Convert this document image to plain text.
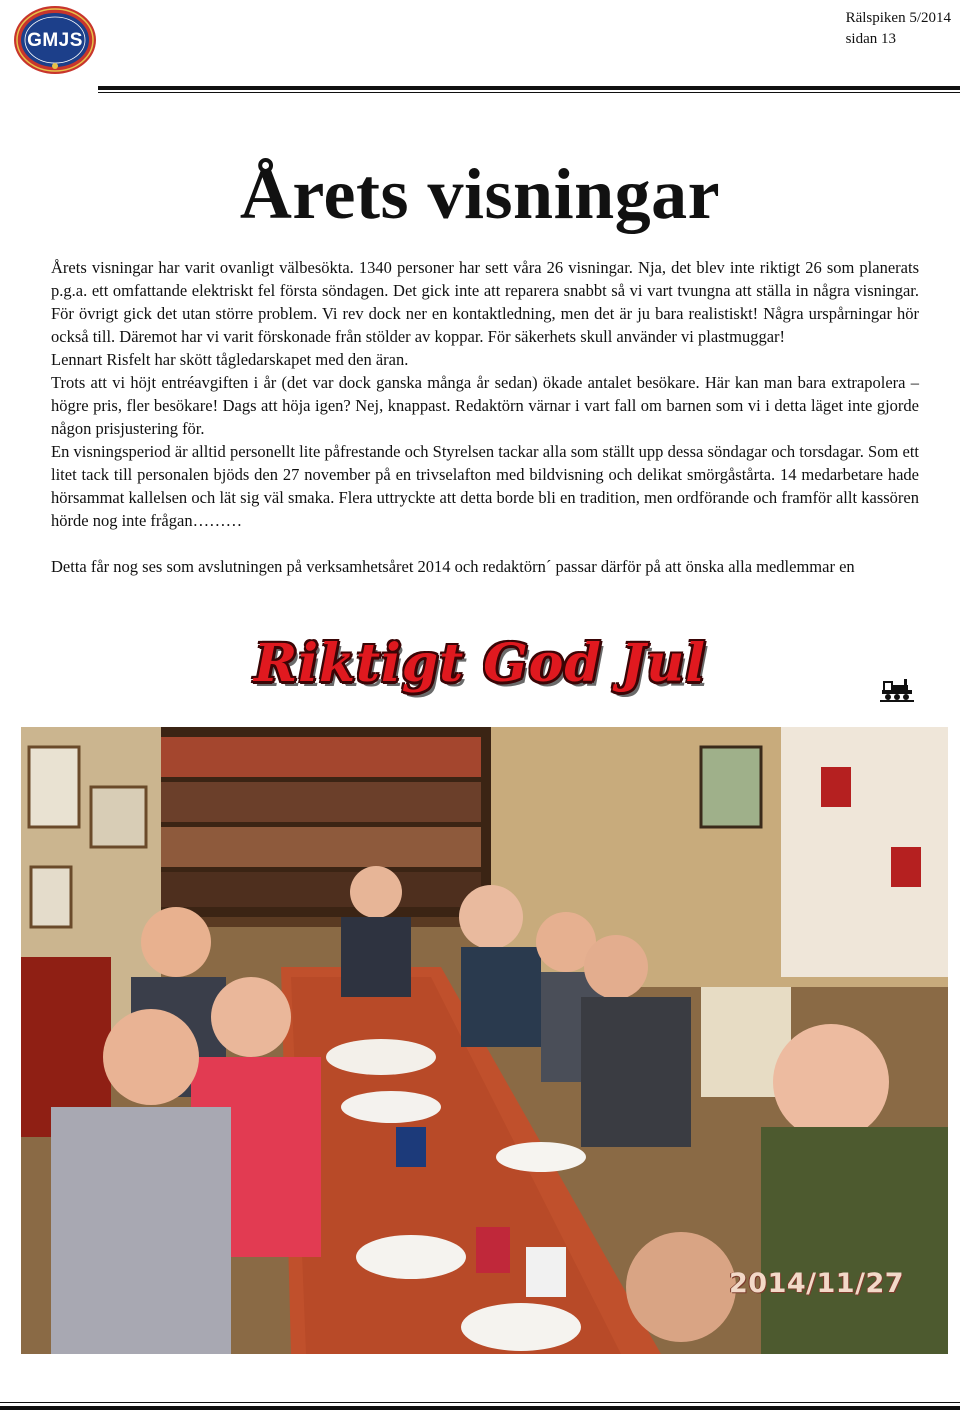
GMJS
Rälspiken 5/2014
sidan 13
Årets visningar

Årets visningar har varit ovanligt välbesökta. 1340 personer har sett våra 26 visningar. Nja, det blev inte riktigt 26 som planerats p.g.a. ett omfattande elektriskt fel första söndagen. Det gick inte att reparera snabbt så vi vart tvungna att ställa in några visningar. För övrigt gick det utan större problem. Vi rev dock ner en kontaktledning, men det är ju bara realistiskt! Några urspårningar hör också till. Däremot har vi varit förskonade från stölder av koppar. För säkerhets skull använder vi plastmuggar!

Lennart Risfelt har skött tågledarskapet med den äran.

Trots att vi höjt entréavgiften i år (det var dock ganska många år sedan) ökade antalet besökare. Här kan man bara extrapolera – högre pris, fler besökare! Dags att höja igen? Nej, knappast. Redaktörn värnar i vart fall om barnen som vi i detta läget inte gjorde någon prisjustering för.

En visningsperiod är alltid personellt lite påfrestande och Styrelsen tackar alla som ställt upp dessa söndagar och torsdagar. Som ett litet tack till personalen bjöds den 27 november på en trivselafton med bildvisning och delikat smörgåstårta. 14 medarbetare hade hörsammat kallelsen och lät sig väl smaka. Flera uttryckte att detta borde bli en tradition, men ordförande och framför allt kassören hörde nog inte frågan………

Detta får nog ses som avslutningen på verksamhetsåret 2014 och redaktörn´ passar därför på att önska alla medlemmar en

Riktigt God Jul
2014/11/27
